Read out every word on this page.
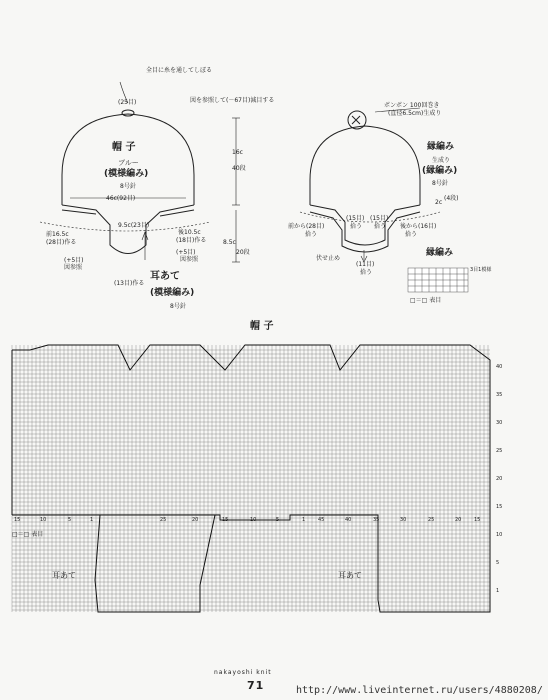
全目に糸を通してしぼる
(25目)	図を参照して(－67目)減目する
帽 子
ブルー
(模様編み)
8号針
46c(92目)
16c
40段
8.5c
20段
前16.5c
(28目)作る
後10.5c
(18目)作る
9.5c(23目)
(+5目)
図参照
(+5目)
図参照
(13目)作る
耳あて
(模様編み)
8号針
ボンボン 100回巻き
(直径6.5cm)生成り
縁編み
生成り
(縁編み)
8号針
2c
(4段)
前から(28目)
拾う
(15目)
拾う
(15目)
拾う 後から(16目)
拾う
伏せ止め
(11目)
拾う
縁編み
3目1模様
□＝□ 表目
帽 子
□＝□ 表目
耳あて	耳あて
15	10	5	1	25	20	15	10	5	1	45	40	35	30	25	20	15
40
35
30
25
20
15
10
5
1
nakayoshi knit
71	http://www.liveinternet.ru/users/4880208/
